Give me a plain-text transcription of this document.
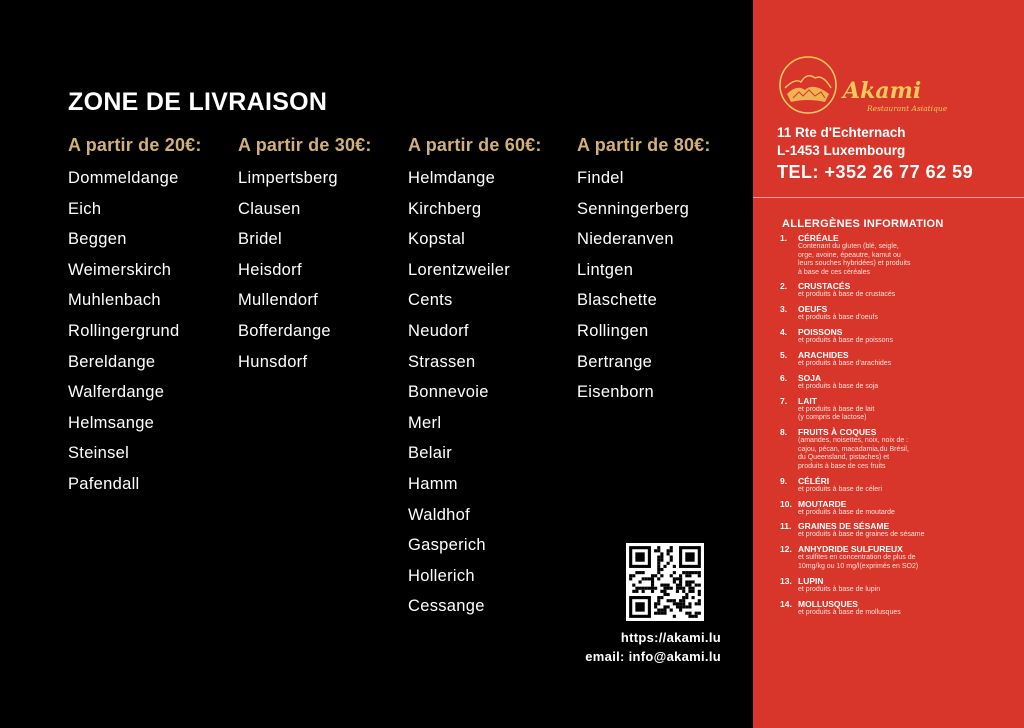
ZONE DE LIVRAISON
A partir de 20€:
Dommeldange
Eich
Beggen
Weimerskirch
Muhlenbach
Rollingergrund
Bereldange
Walferdange
Helmsange
Steinsel
Pafendall
A partir de 30€:
Limpertsberg
Clausen
Bridel
Heisdorf
Mullendorf
Bofferdange
Hunsdorf
A partir de 60€:
Helmdange
Kirchberg
Kopstal
Lorentzweiler
Cents
Neudorf
Strassen
Bonnevoie
Merl
Belair
Hamm
Waldhof
Gasperich
Hollerich
Cessange
A partir de 80€:
Findel
Senningerberg
Niederanven
Lintgen
Blaschette
Rollingen
Bertrange
Eisenborn
https://akami.lu
email: info@akami.lu
Akami
Restaurant Asiatique
11 Rte d'Echternach
L-1453 Luxembourg
TEL: +352 26 77 62 59
ALLERGÈNES INFORMATION
1. CÉRÉALE
Contenant du gluten (blé, seigle,
orge, avoine, épeautre, kamut ou
leurs souches hybridées) et produits
à base de ces céréales
2. CRUSTACÉS
et produits à base de crustacés
3. OEUFS
et produits à base d'oeufs
4. POISSONS
et produits à base de poissons
5. ARACHIDES
et produits à base d'arachides
6. SOJA
et produits à base de soja
7. LAIT
et produits à base de lait
(y compris de lactose)
8. FRUITS À COQUES
(amandes, noisettes, noix, noix de :
cajou, pécan, macadamia,du Brésil,
du Queensland, pistaches) et
produits à base de ces fruits
9. CÉLÉRI
et produits à base de céleri
10. MOUTARDE
et produits à base de moutarde
11. GRAINES DE SÉSAME
et produits à base de graines de sésame
12. ANHYDRIDE SULFUREUX
et sulfites en concentration de plus de
10mg/kg ou 10 mg/l(exprimés en SO2)
13. LUPIN
et produits à base de lupin
14. MOLLUSQUES
et produits à base de mollusques
